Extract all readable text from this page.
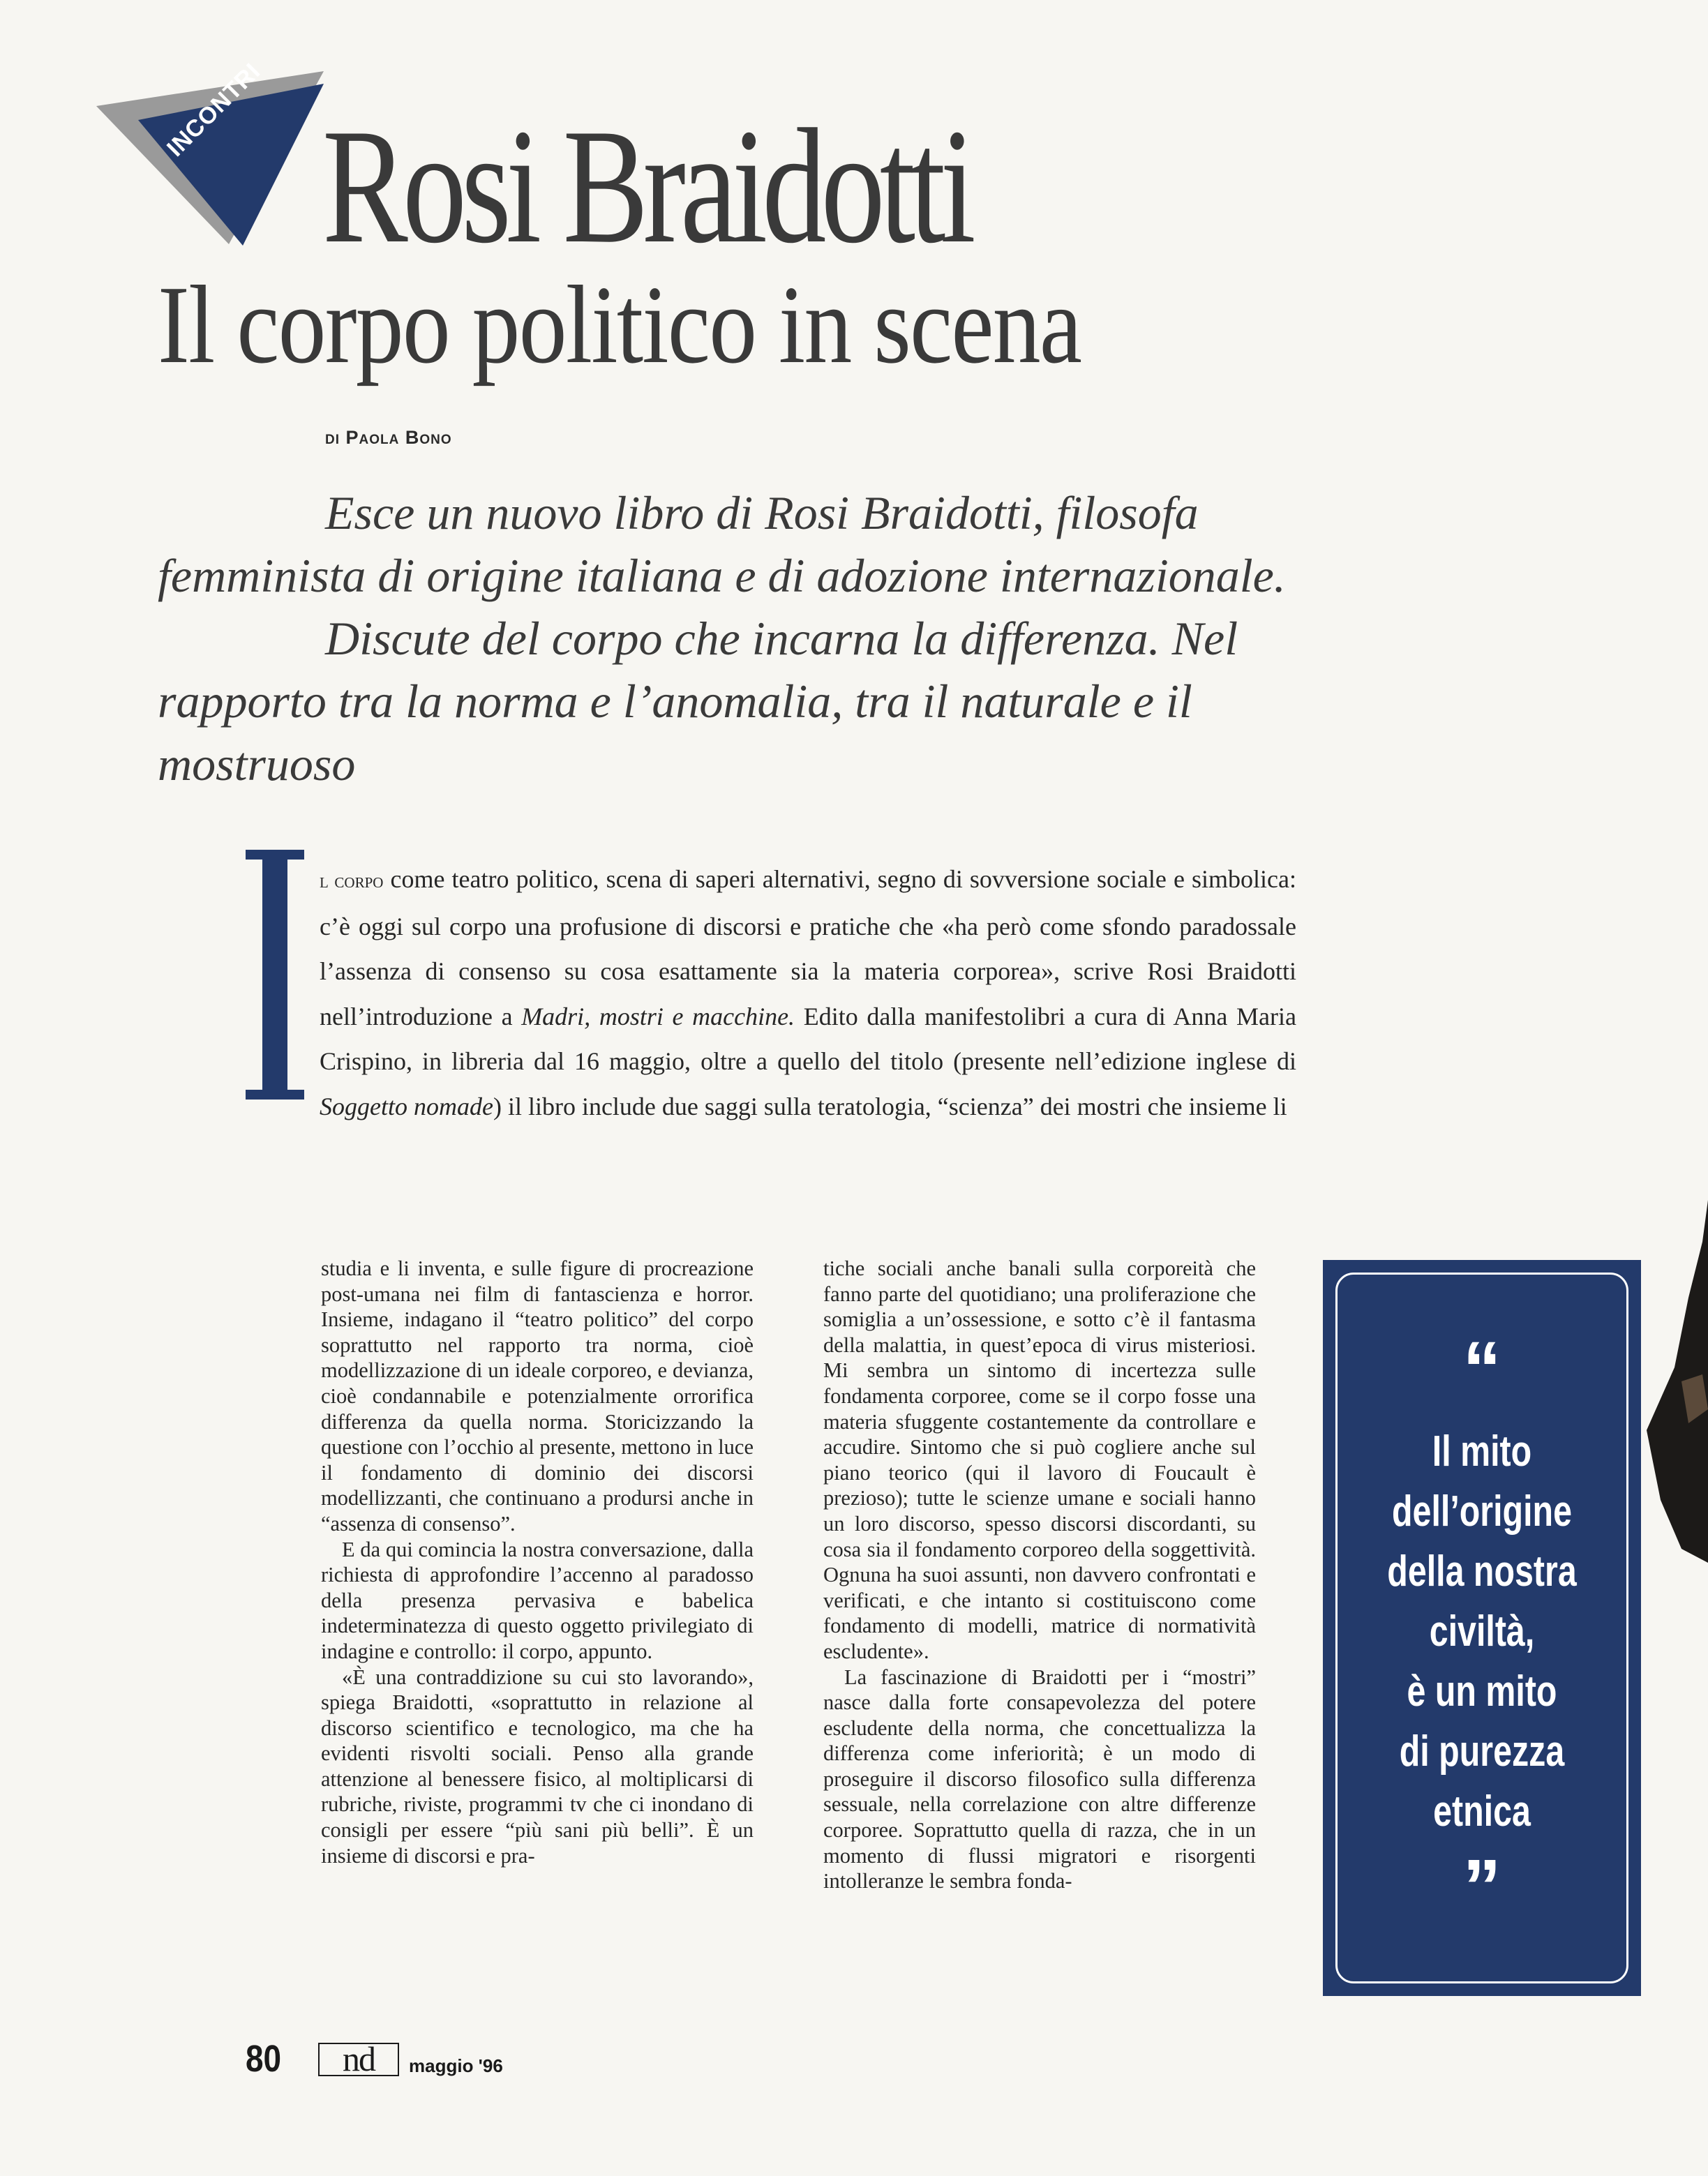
INCONTRI Rosi Braidotti
Il corpo politico in scena
di Paola Bono

Esce un nuovo libro di Rosi Braidotti, filosofa femminista di origine italiana e di adozione internazionale.

Discute del corpo che incarna la differenza. Nel rapporto tra la norma e l’anomalia, tra il naturale e il mostruoso

l corpo come teatro politico, scena di saperi alternativi, segno di sovversione sociale e simbolica: c’è oggi sul corpo una profusione di discorsi e pratiche che «ha però come sfondo paradossale l’assenza di consenso su cosa esattamente sia la materia corporea», scrive Rosi Braidotti nell’introduzione a Madri, mostri e macchine. Edito dalla manifestolibri a cura di Anna Maria Crispino, in libreria dal 16 maggio, oltre a quello del titolo (presente nell’edizione inglese di Soggetto nomade) il libro include due saggi sulla teratologia, “scienza” dei mostri che insieme li

studia e li inventa, e sulle figure di procreazione post-umana nei film di fantascienza e horror. Insieme, indagano il “teatro politico” del corpo soprattutto nel rapporto tra norma, cioè modellizzazione di un ideale corporeo, e devianza, cioè condannabile e potenzialmente orrorifica differenza da quella norma. Storicizzando la questione con l’occhio al presente, mettono in luce il fondamento di dominio dei discorsi modellizzanti, che continuano a prodursi anche in “assenza di consenso”.

E da qui comincia la nostra conversazione, dalla richiesta di approfondire l’accenno al paradosso della presenza pervasiva e babelica indeterminatezza di questo oggetto privilegiato di indagine e controllo: il corpo, appunto.

«È una contraddizione su cui sto lavorando», spiega Braidotti, «soprattutto in relazione al discorso scientifico e tecnologico, ma che ha evidenti risvolti sociali. Penso alla grande attenzione al benessere fisico, al moltiplicarsi di rubriche, riviste, programmi tv che ci inondano di consigli per essere “più sani più belli”. È un insieme di discorsi e pra-

tiche sociali anche banali sulla corporeità che fanno parte del quotidiano; una proliferazione che somiglia a un’ossessione, e sotto c’è il fantasma della malattia, in quest’epoca di virus misteriosi. Mi sembra un sintomo di incertezza sulle fondamenta corporee, come se il corpo fosse una materia sfuggente costantemente da controllare e accudire. Sintomo che si può cogliere anche sul piano teorico (qui il lavoro di Foucault è prezioso); tutte le scienze umane e sociali hanno un loro discorso, spesso discorsi discordanti, su cosa sia il fondamento corporeo della soggettività. Ognuna ha suoi assunti, non davvero confrontati e verificati, e che intanto si costituiscono come fondamento di modelli, matrice di normatività escludente».

La fascinazione di Braidotti per i “mostri” nasce dalla forte consapevolezza del potere escludente della norma, che concettualizza la differenza come inferiorità; è un modo di proseguire il discorso filosofico sulla differenza sessuale, nella correlazione con altre differenze corporee. Soprattutto quella di razza, che in un momento di flussi migratori e risorgenti intolleranze le sembra fonda-

“
Il mito
dell’origine
della nostra
civiltà,
è un mito
di purezza
etnica
”
80	nd	maggio '96
